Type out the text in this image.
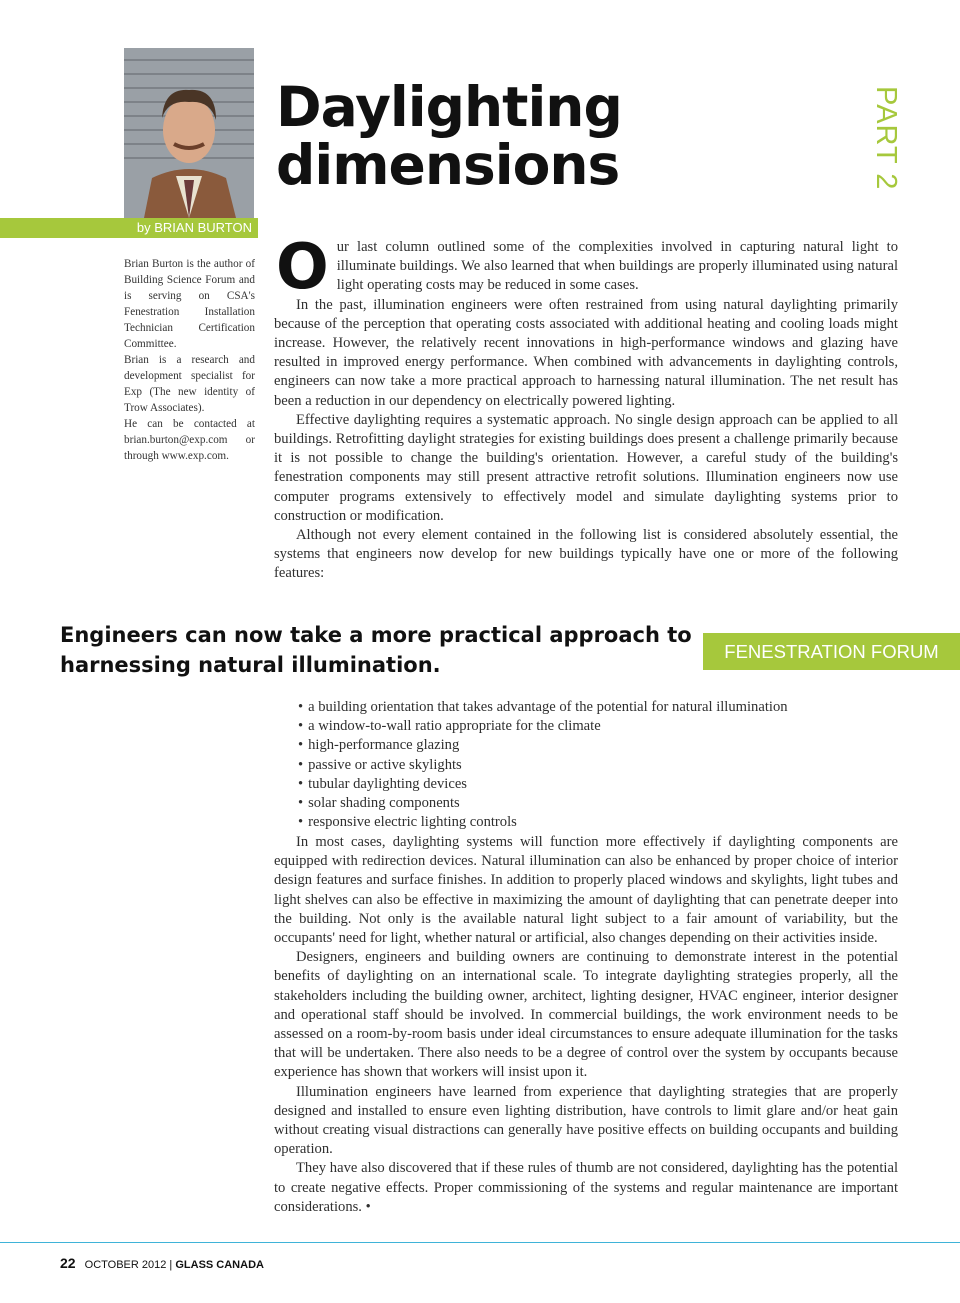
by BRIAN BURTON
Daylighting
dimensions	PART 2

Brian Burton is the author of Building Science Forum and is serving on CSA's Fenestration Installation Technician Certification Committee.

Brian is a research and development specialist for Exp (The new identity of Trow Associates).

He can be contacted at brian.burton@exp.com or through www.exp.com.

Our last column outlined some of the complexities involved in capturing natural light to illuminate buildings. We also learned that when buildings are properly illuminated using natural light operating costs may be reduced in some cases.

In the past, illumination engineers were often restrained from using natural daylighting primarily because of the perception that operating costs associated with additional heating and cooling loads might increase. However, the relatively recent innovations in high-performance windows and glazing have resulted in improved energy performance. When combined with advancements in daylighting controls, engineers can now take a more practical approach to harnessing natural illumination. The net result has been a reduction in our dependency on electrically powered lighting.

Effective daylighting requires a systematic approach. No single design approach can be applied to all buildings. Retrofitting daylight strategies for existing buildings does present a challenge primarily because it is not possible to change the building's orientation. However, a careful study of the building's fenestration components may still present attractive retrofit solutions. Illumination engineers now use computer programs extensively to effectively model and simulate daylighting systems prior to construction or modification.

Although not every element contained in the following list is considered absolutely essential, the systems that engineers now develop for new buildings typically have one or more of the following features:

Engineers can now take a more practical approach to harnessing natural illumination.
FENESTRATION FORUM
• a building orientation that takes advantage of the potential for natural illumination
• a window-to-wall ratio appropriate for the climate
• high-performance glazing
• passive or active skylights
• tubular daylighting devices
• solar shading components
• responsive electric lighting controls

In most cases, daylighting systems will function more effectively if daylighting components are equipped with redirection devices. Natural illumination can also be enhanced by proper choice of interior design features and surface finishes. In addition to properly placed windows and skylights, light tubes and light shelves can also be effective in maximizing the amount of daylighting that can penetrate deeper into the building. Not only is the available natural light subject to a fair amount of variability, but the occupants' need for light, whether natural or artificial, also changes depending on their activities inside.

Designers, engineers and building owners are continuing to demonstrate interest in the potential benefits of daylighting on an international scale. To integrate daylighting strategies properly, all the stakeholders including the building owner, architect, lighting designer, HVAC engineer, interior designer and operational staff should be involved. In commercial buildings, the work environment needs to be assessed on a room-by-room basis under ideal circumstances to ensure adequate illumination for the tasks that will be undertaken. There also needs to be a degree of control over the system by occupants because experience has shown that workers will insist upon it.

Illumination engineers have learned from experience that daylighting strategies that are properly designed and installed to ensure even lighting distribution, have controls to limit glare and/or heat gain without creating visual distractions can generally have positive effects on building occupants and building operation.

They have also discovered that if these rules of thumb are not considered, daylighting has the potential to create negative effects. Proper commissioning of the systems and regular maintenance are important considerations. •

22 OCTOBER 2012 | GLASS CANADA
